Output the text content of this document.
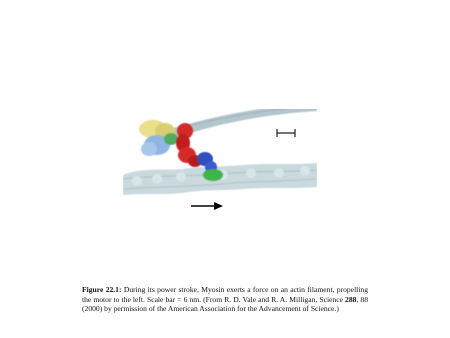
Figure 22.1: During its power stroke, Myosin exerts a force on an actin filament, propelling the motor to the left. Scale bar = 6 nm. (From R. D. Vale and R. A. Milligan, Science 288, 88 (2000) by permission of the American Association for the Advancement of Science.)
